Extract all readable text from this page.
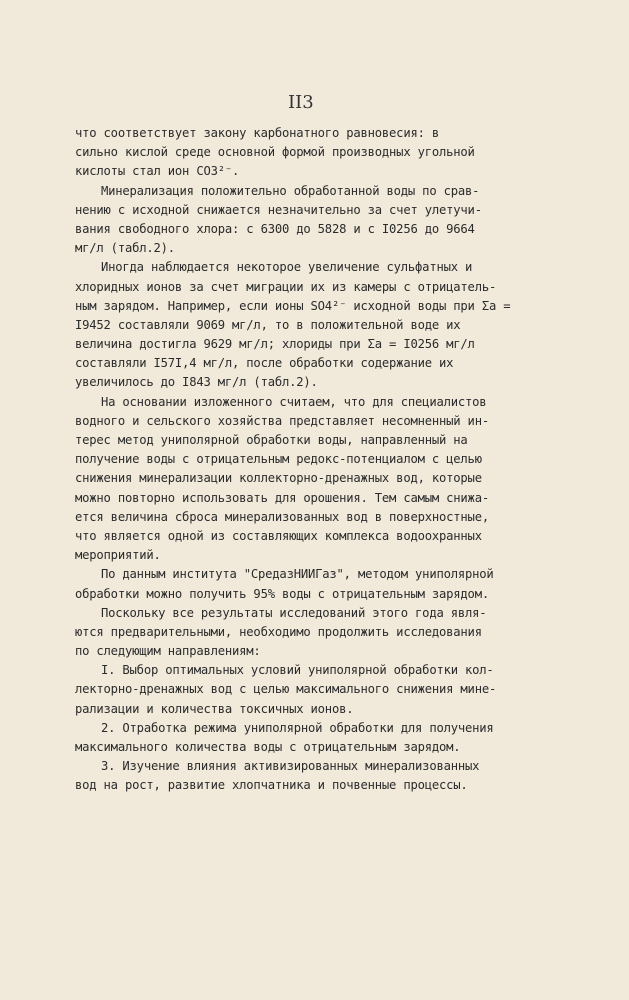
II3
что соответствует закону карбонатного равновесия: в
сильно кислой среде основной формой производных угольной
кислоты стал ион CO3²⁻.
Минерализация положительно обработанной воды по срав-
нению с исходной снижается незначительно за счет улетучи-
вания свободного хлора: с 6300 до 5828 и с I0256 до 9664
мг/л (табл.2).
Иногда наблюдается некоторое увеличение сульфатных и
хлоридных ионов за счет миграции их из камеры с отрицатель-
ным зарядом. Например, если ионы SO4²⁻ исходной воды при Σа =
I9452 составляли 9069 мг/л, то в положительной воде их
величина достигла 9629 мг/л; хлориды при Σа = I0256 мг/л
составляли I57I,4 мг/л, после обработки содержание их
увеличилось до I843 мг/л (табл.2).
На основании изложенного считаем, что для специалистов
водного и сельского хозяйства представляет несомненный ин-
терес метод униполярной обработки воды, направленный на
получение воды с отрицательным редокс-потенциалом с целью
снижения минерализации коллекторно-дренажных вод, которые
можно повторно использовать для орошения. Тем самым снижа-
ется величина сброса минерализованных вод в поверхностные,
что является одной из составляющих комплекса водоохранных
мероприятий.
По данным института "СредазНИИГаз", методом униполярной
обработки можно получить 95% воды с отрицательным зарядом.
Поскольку все результаты исследований этого года явля-
ются предварительными, необходимо продолжить исследования
по следующим направлениям:
I. Выбор оптимальных условий униполярной обработки кол-
лекторно-дренажных вод с целью максимального снижения мине-
рализации и количества токсичных ионов.
2. Отработка режима униполярной обработки для получения
максимального количества воды с отрицательным зарядом.
3. Изучение влияния активизированных минерализованных
вод на рост, развитие хлопчатника и почвенные процессы.
